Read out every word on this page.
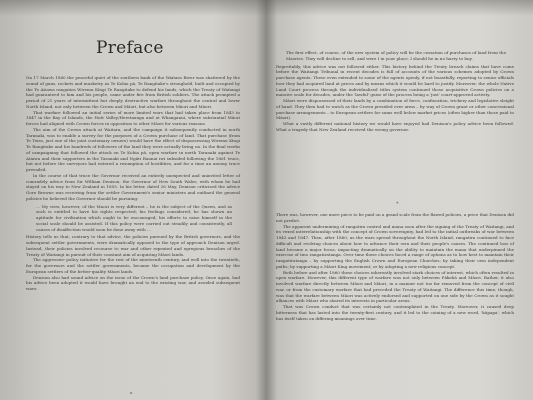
Preface

On 17 March 1860 the peaceful quiet of the southern bank of the Waitara River was shattered by the sound of guns, rockets and musketry as Te Kohia pā, Te Rangitake's stronghold, built and occupied by the Te Atiawa rangatira Wiremu Kīngi Te Rangitake to defend his lands, which the Treaty of Waitangi had guaranteed to him and his people, came under fire from British soldiers. The attack prompted a period of 21 years of intermittent but deeply destructive warfare throughout the central and lower North Island, not only between the Crown and Māori, but also between Māori and Māori.

That warfare followed an initial series of more limited wars that had taken place from 1843 to 1847 in the Bay of Islands, the Hutt Valley/Heretaunga and at Whanganui, where substantial Māori forces had aligned with Crown forces in opposition to other Māori for various reasons.

The aim of the Crown attack at Waitara, and the campaign it subsequently conducted in north Taranaki, was to enable a survey for the purposes of a Crown purchase of land. That purchase (from Te Teira, just one of the joint customary owners) would have the effect of dispossessing Wiremu Kīngi Te Rangitake and his hundreds of followers of the land they were actually living on. In the final weeks of campaigning that followed the attack on Te Kohia pā, open warfare in north Taranaki against Te Atiawa and their supporters in the Taranaki and Ngāti Ruanui iwi subsided following the 1861 truce, but not before the surveyors had entered a resumption of hostilities, and for a time an uneasy truce prevailed.

In the course of that truce the Governor received an entirely unexpected and uninvited letter of comradely advice from Sir William Denison, the Governor of New South Wales, with whom he had stayed on his way to New Zealand in 1855. In his letter, dated 26 May, Denison criticised the advice Gore Browne was receiving from the settler Government's senior ministers and outlined the general policies he believed the Governor should be pursuing:

... My view, however, of the Maori is very different – he is the subject of the Queen, and as such is entitled to have his rights respected; his feelings considered; he has shown an aptitude for civilization which ought to be encouraged; his efforts to raise himself in the social scale should be assisted. If this policy were carried out steadily and consistently, all causes of disaffection would soon be done away with ...

History tells us that, contrary to that advice, the policies pursued by the British governors, and the subsequent settler governments, were dramatically opposed to the type of approach Denison urged. Instead, their policies involved recourse to war and other repeated and egregious breaches of the Treaty of Waitangi in pursuit of their constant aim of acquiring Māori lands.

The aggressive policy initiative for the rest of the nineteenth century, and well into the twentieth, for the governors and the settler governments, became the occupation and development by the European settlers of the better-quality Māori lands.

Denison also had sound advice on the issue of the Crown's land purchase policy. Once again, had his advice been adopted it would have brought an end to the existing war, and avoided subsequent wars:

x

The first effect, of course, of the new system of policy will be the cessation of purchases of land from the Maories. They will decline to sell, and were I in your place, I should be in no hurry to buy.

Regrettably, this advice was not followed either. This history behind the Treaty breach claims that have come before the Waitangi Tribunal in recent decades is full of accounts of the various schemes adopted by Crown purchase agents. These even extended to some of the agents openly, if not boastfully, reporting to senior officials how they had acquired land at prices and by means which it would be hard to justify. Moreover, the whole Native Land Court process through the individualised titles system continued those acquisitive Crown policies on a massive scale for decades, under the 'lawful' guise of the process being a 'just' court-approved activity.

Māori were dispossessed of their lands by a combination of force, confiscation, trickery and legislative sleight of hand. They then had to watch as the Crown presided over arms – by way of Crown grant or other concessional purchase arrangements – to European settlers for sums well below market prices (often higher than those paid to Māori).

What a vastly different national history we would have enjoyed had Denison's policy advice been followed. What a tragedy that New Zealand received the wrong governor.

There was, however, one more piece to be paid on a grand scale from the flawed policies, a price that Denison did not predict.

The apparent undermining of rangatira control and mana soon after the signing of the Treaty of Waitangi, and its vexed interrelationship with the concept of Crown sovereignty, had led to the initial outbreaks of war between 1843 and 1847. Then, after 1860, as the wars spread throughout the North Island, rangatira continued to face difficult and evolving choices about how to advance their own and their people's causes. The continued loss of land became a major focus, impacting dramatically on the ability to maintain the mana that underpinned the exercise of tino rangatiratanga. Over time these choices faced a range of options as to how best to maintain their rangatiratanga – by supporting the English Crown and European Churches; by taking their own independent paths; by supporting a Māori King movement; or by adopting a new religious concept.

Both before and after 1860 these choices inherently involved stark choices of interest, which often resulted in open warfare. However, this different type of warfare was not only between Pākehā and Māori. Rather, it also involved warfare directly between Māori and Māori, in a manner not too far removed from the concept of civil war, or from the customary warfare that had preceded the Treaty of Waitangi. The difference this time, though, was that the warfare between Māori was actively endorsed and supported on one side by the Crown as it sought alliances with Māori who shared its interests in particular areas.

That was Crown conduct that was certainly not contemplated in the Treaty. Moreover, it caused deep bitterness that has lasted into the twenty-first century, and it led to the coining of a new word, 'kūpapa', which has itself taken on differing meanings over time.

*
